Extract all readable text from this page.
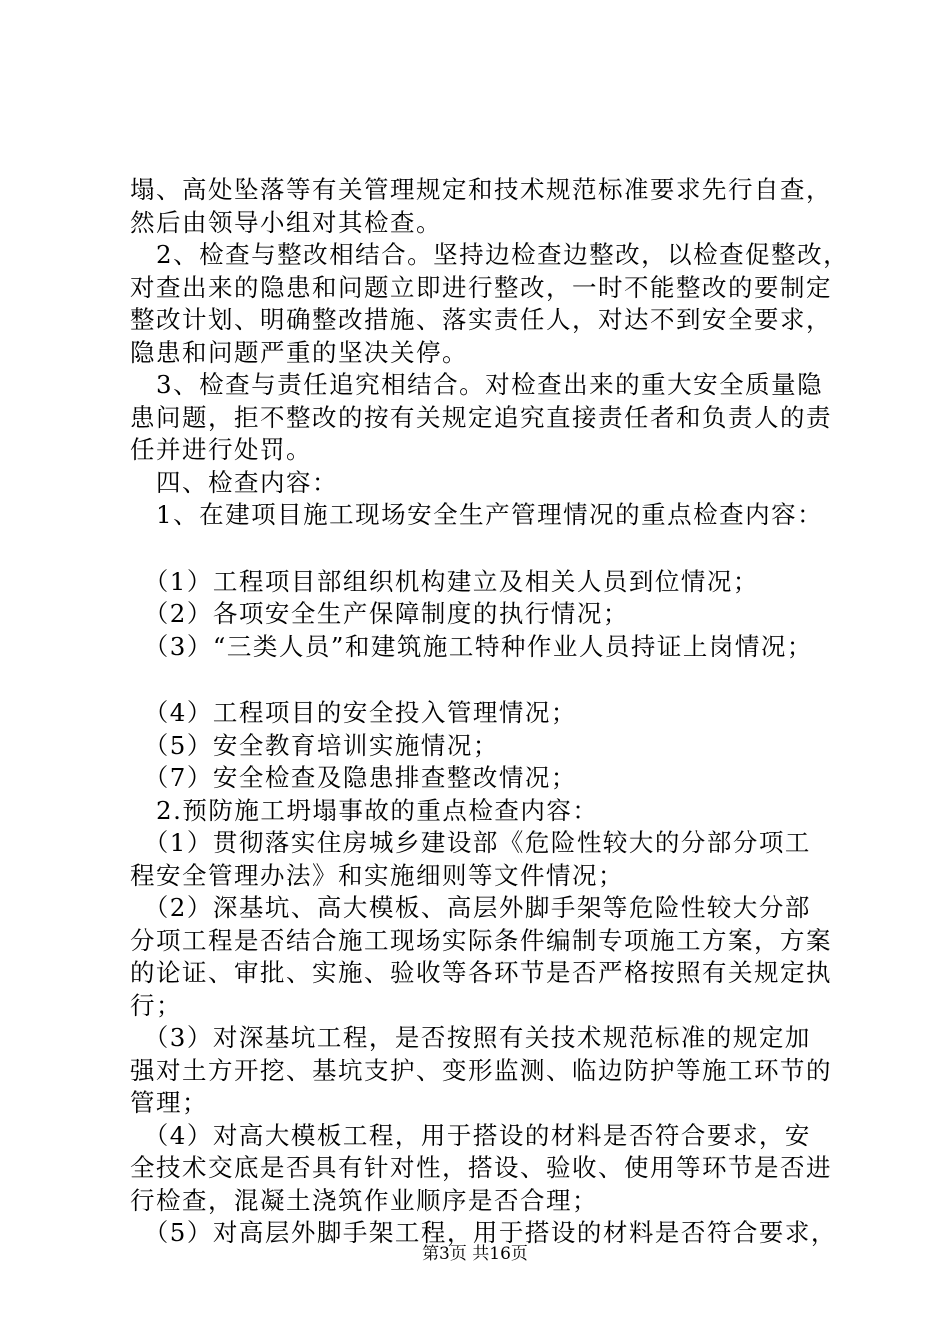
塌、高处坠落等有关管理规定和技术规范标准要求先行自查，
然后由领导小组对其检查。
　2、检查与整改相结合。坚持边检查边整改，以检查促整改，
对查出来的隐患和问题立即进行整改，一时不能整改的要制定
整改计划、明确整改措施、落实责任人，对达不到安全要求，
隐患和问题严重的坚决关停。
　3、检查与责任追究相结合。对检查出来的重大安全质量隐
患问题，拒不整改的按有关规定追究直接责任者和负责人的责
任并进行处罚。
　四、检查内容：
　1、在建项目施工现场安全生产管理情况的重点检查内容：
　（1）工程项目部组织机构建立及相关人员到位情况；
　（2）各项安全生产保障制度的执行情况；
　（3）“三类人员”和建筑施工特种作业人员持证上岗情况；
　（4）工程项目的安全投入管理情况；
　（5）安全教育培训实施情况；
　（7）安全检查及隐患排查整改情况；
　2.预防施工坍塌事故的重点检查内容：
　（1）贯彻落实住房城乡建设部《危险性较大的分部分项工
程安全管理办法》和实施细则等文件情况；
　（2）深基坑、高大模板、高层外脚手架等危险性较大分部
分项工程是否结合施工现场实际条件编制专项施工方案，方案
的论证、审批、实施、验收等各环节是否严格按照有关规定执
行；
　（3）对深基坑工程，是否按照有关技术规范标准的规定加
强对土方开挖、基坑支护、变形监测、临边防护等施工环节的
管理；
　（4）对高大模板工程，用于搭设的材料是否符合要求，安
全技术交底是否具有针对性，搭设、验收、使用等环节是否进
行检查，混凝土浇筑作业顺序是否合理；
　（5）对高层外脚手架工程，用于搭设的材料是否符合要求，
第3页 共16页
